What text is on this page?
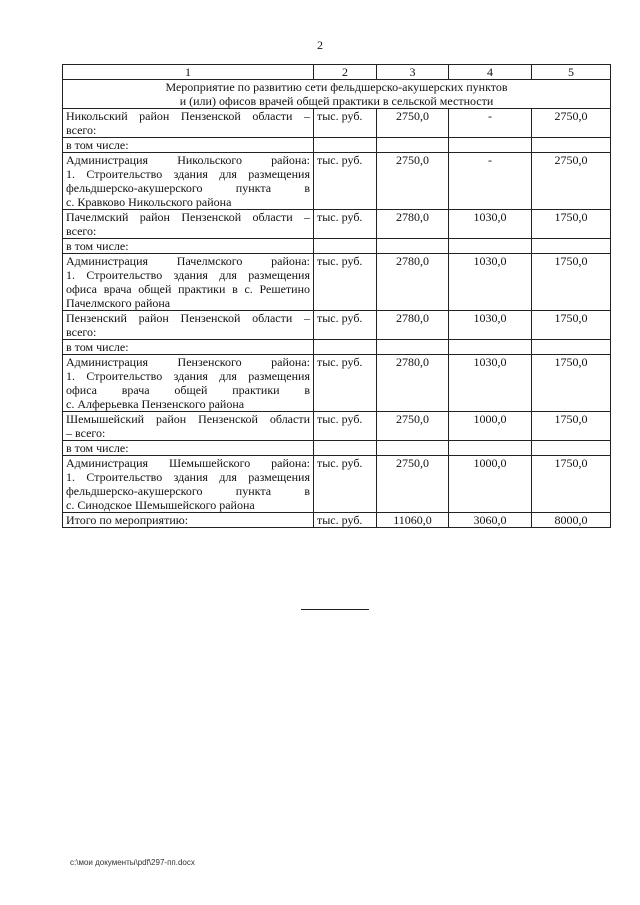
2
1	2	3	4	5

Мероприятие по развитию сети фельдшерско-акушерских пунктов
и (или) офисов врачей общей практики в сельской местности				

Никольский район Пензенской области –
всего:	тыс. руб.	2750,0	-	2750,0
в том числе:				

Администрация Никольского района:
1. Строительство здания для размещения
фельдшерско-акушерского пункта в
с. Кравково Никольского района	тыс. руб.	2750,0	-	2750,0

Пачелмский район Пензенской области –
всего:	тыс. руб.	2780,0	1030,0	1750,0
в том числе:				

Администрация Пачелмского района:
1. Строительство здания для размещения
офиса врача общей практики в с. Решетино
Пачелмского района	тыс. руб.	2780,0	1030,0	1750,0

Пензенский район Пензенской области –
всего:	тыс. руб.	2780,0	1030,0	1750,0
в том числе:				

Администрация Пензенского района:
1. Строительство здания для размещения
офиса врача общей практики в
с. Алферьевка Пензенского района	тыс. руб.	2780,0	1030,0	1750,0

Шемышейский район Пензенской области
– всего:	тыс. руб.	2750,0	1000,0	1750,0
в том числе:				

Администрация Шемышейского района:
1. Строительство здания для размещения
фельдшерско-акушерского пункта в
с. Синодское Шемышейского района	тыс. руб.	2750,0	1000,0	1750,0

Итого по мероприятию:	тыс. руб.	11060,0	3060,0	8000,0
c:\мои документы\pdf\297-пп.docx
